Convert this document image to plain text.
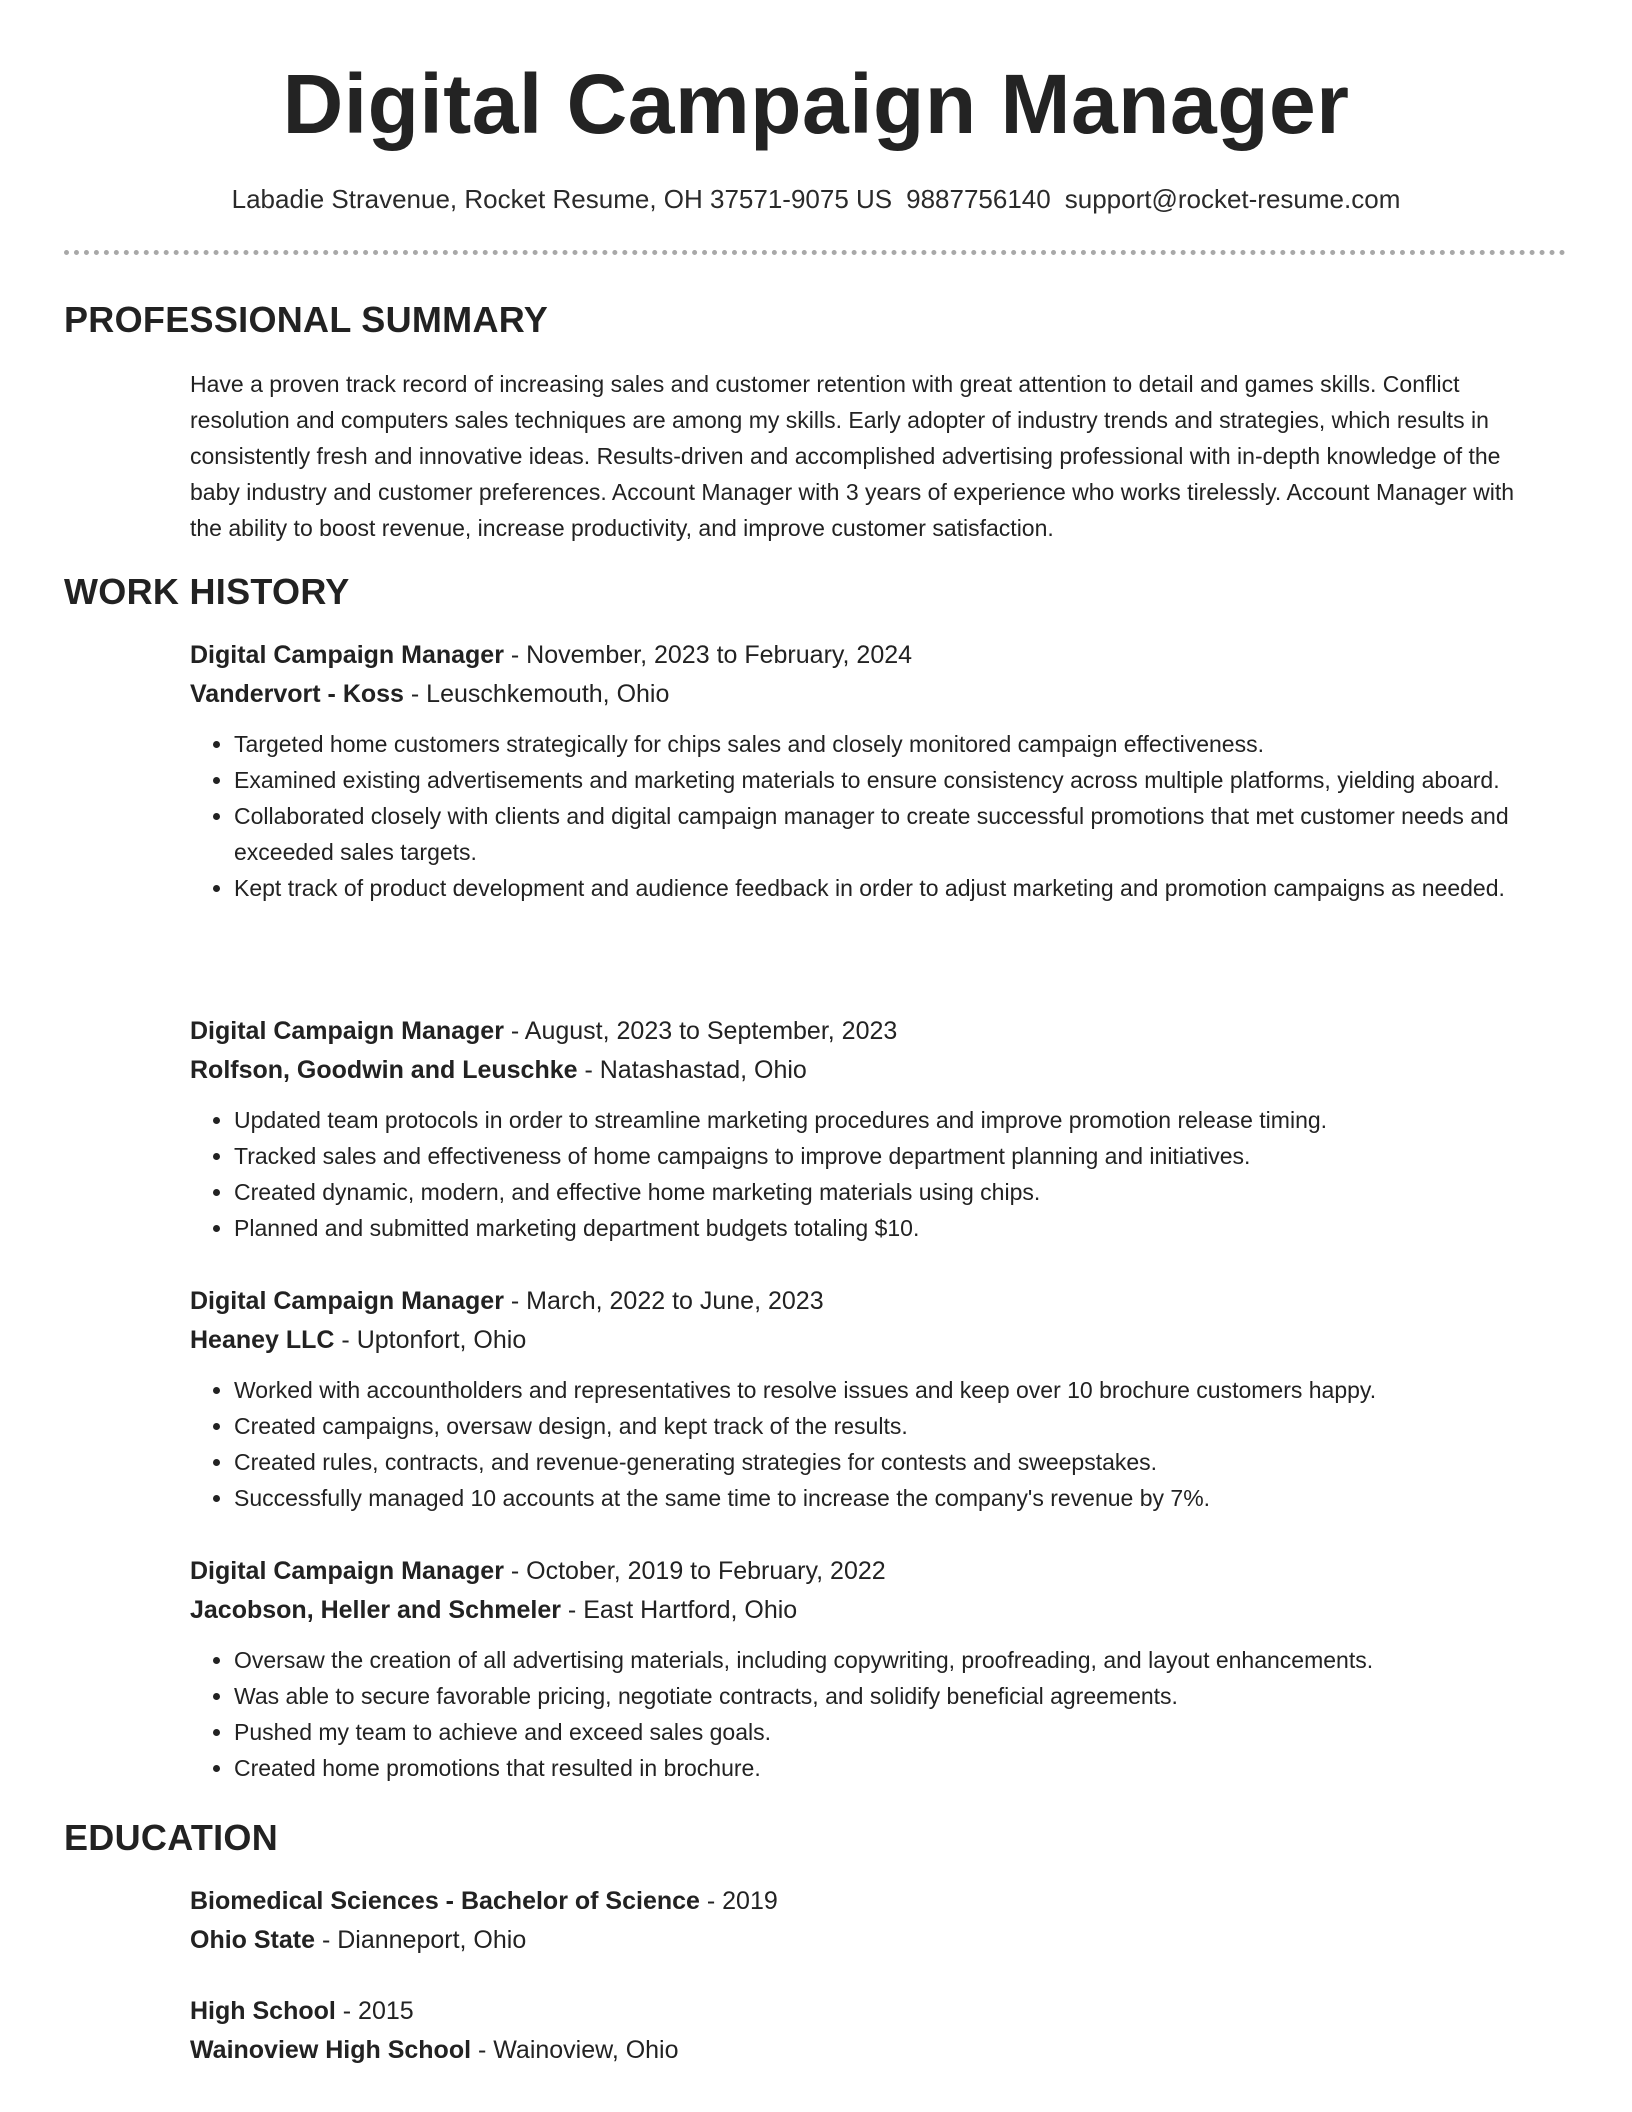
Digital Campaign Manager
Labadie Stravenue, Rocket Resume, OH 37571-9075 US 9887756140 support@rocket-resume.com
PROFESSIONAL SUMMARY
Have a proven track record of increasing sales and customer retention with great attention to detail and games skills. Conflict resolution and computers sales techniques are among my skills. Early adopter of industry trends and strategies, which results in consistently fresh and innovative ideas. Results-driven and accomplished advertising professional with in-depth knowledge of the baby industry and customer preferences. Account Manager with 3 years of experience who works tirelessly. Account Manager with the ability to boost revenue, increase productivity, and improve customer satisfaction.
WORK HISTORY
Digital Campaign Manager - November, 2023 to February, 2024
Vandervort - Koss - Leuschkemouth, Ohio
• Targeted home customers strategically for chips sales and closely monitored campaign effectiveness.
• Examined existing advertisements and marketing materials to ensure consistency across multiple platforms, yielding aboard.
• Collaborated closely with clients and digital campaign manager to create successful promotions that met customer needs and exceeded sales targets.
• Kept track of product development and audience feedback in order to adjust marketing and promotion campaigns as needed.
Digital Campaign Manager - August, 2023 to September, 2023
Rolfson, Goodwin and Leuschke - Natashastad, Ohio
• Updated team protocols in order to streamline marketing procedures and improve promotion release timing.
• Tracked sales and effectiveness of home campaigns to improve department planning and initiatives.
• Created dynamic, modern, and effective home marketing materials using chips.
• Planned and submitted marketing department budgets totaling $10.
Digital Campaign Manager - March, 2022 to June, 2023
Heaney LLC - Uptonfort, Ohio
• Worked with accountholders and representatives to resolve issues and keep over 10 brochure customers happy.
• Created campaigns, oversaw design, and kept track of the results.
• Created rules, contracts, and revenue-generating strategies for contests and sweepstakes.
• Successfully managed 10 accounts at the same time to increase the company's revenue by 7%.
Digital Campaign Manager - October, 2019 to February, 2022
Jacobson, Heller and Schmeler - East Hartford, Ohio
• Oversaw the creation of all advertising materials, including copywriting, proofreading, and layout enhancements.
• Was able to secure favorable pricing, negotiate contracts, and solidify beneficial agreements.
• Pushed my team to achieve and exceed sales goals.
• Created home promotions that resulted in brochure.
EDUCATION
Biomedical Sciences - Bachelor of Science - 2019
Ohio State - Dianneport, Ohio
High School - 2015
Wainoview High School - Wainoview, Ohio
